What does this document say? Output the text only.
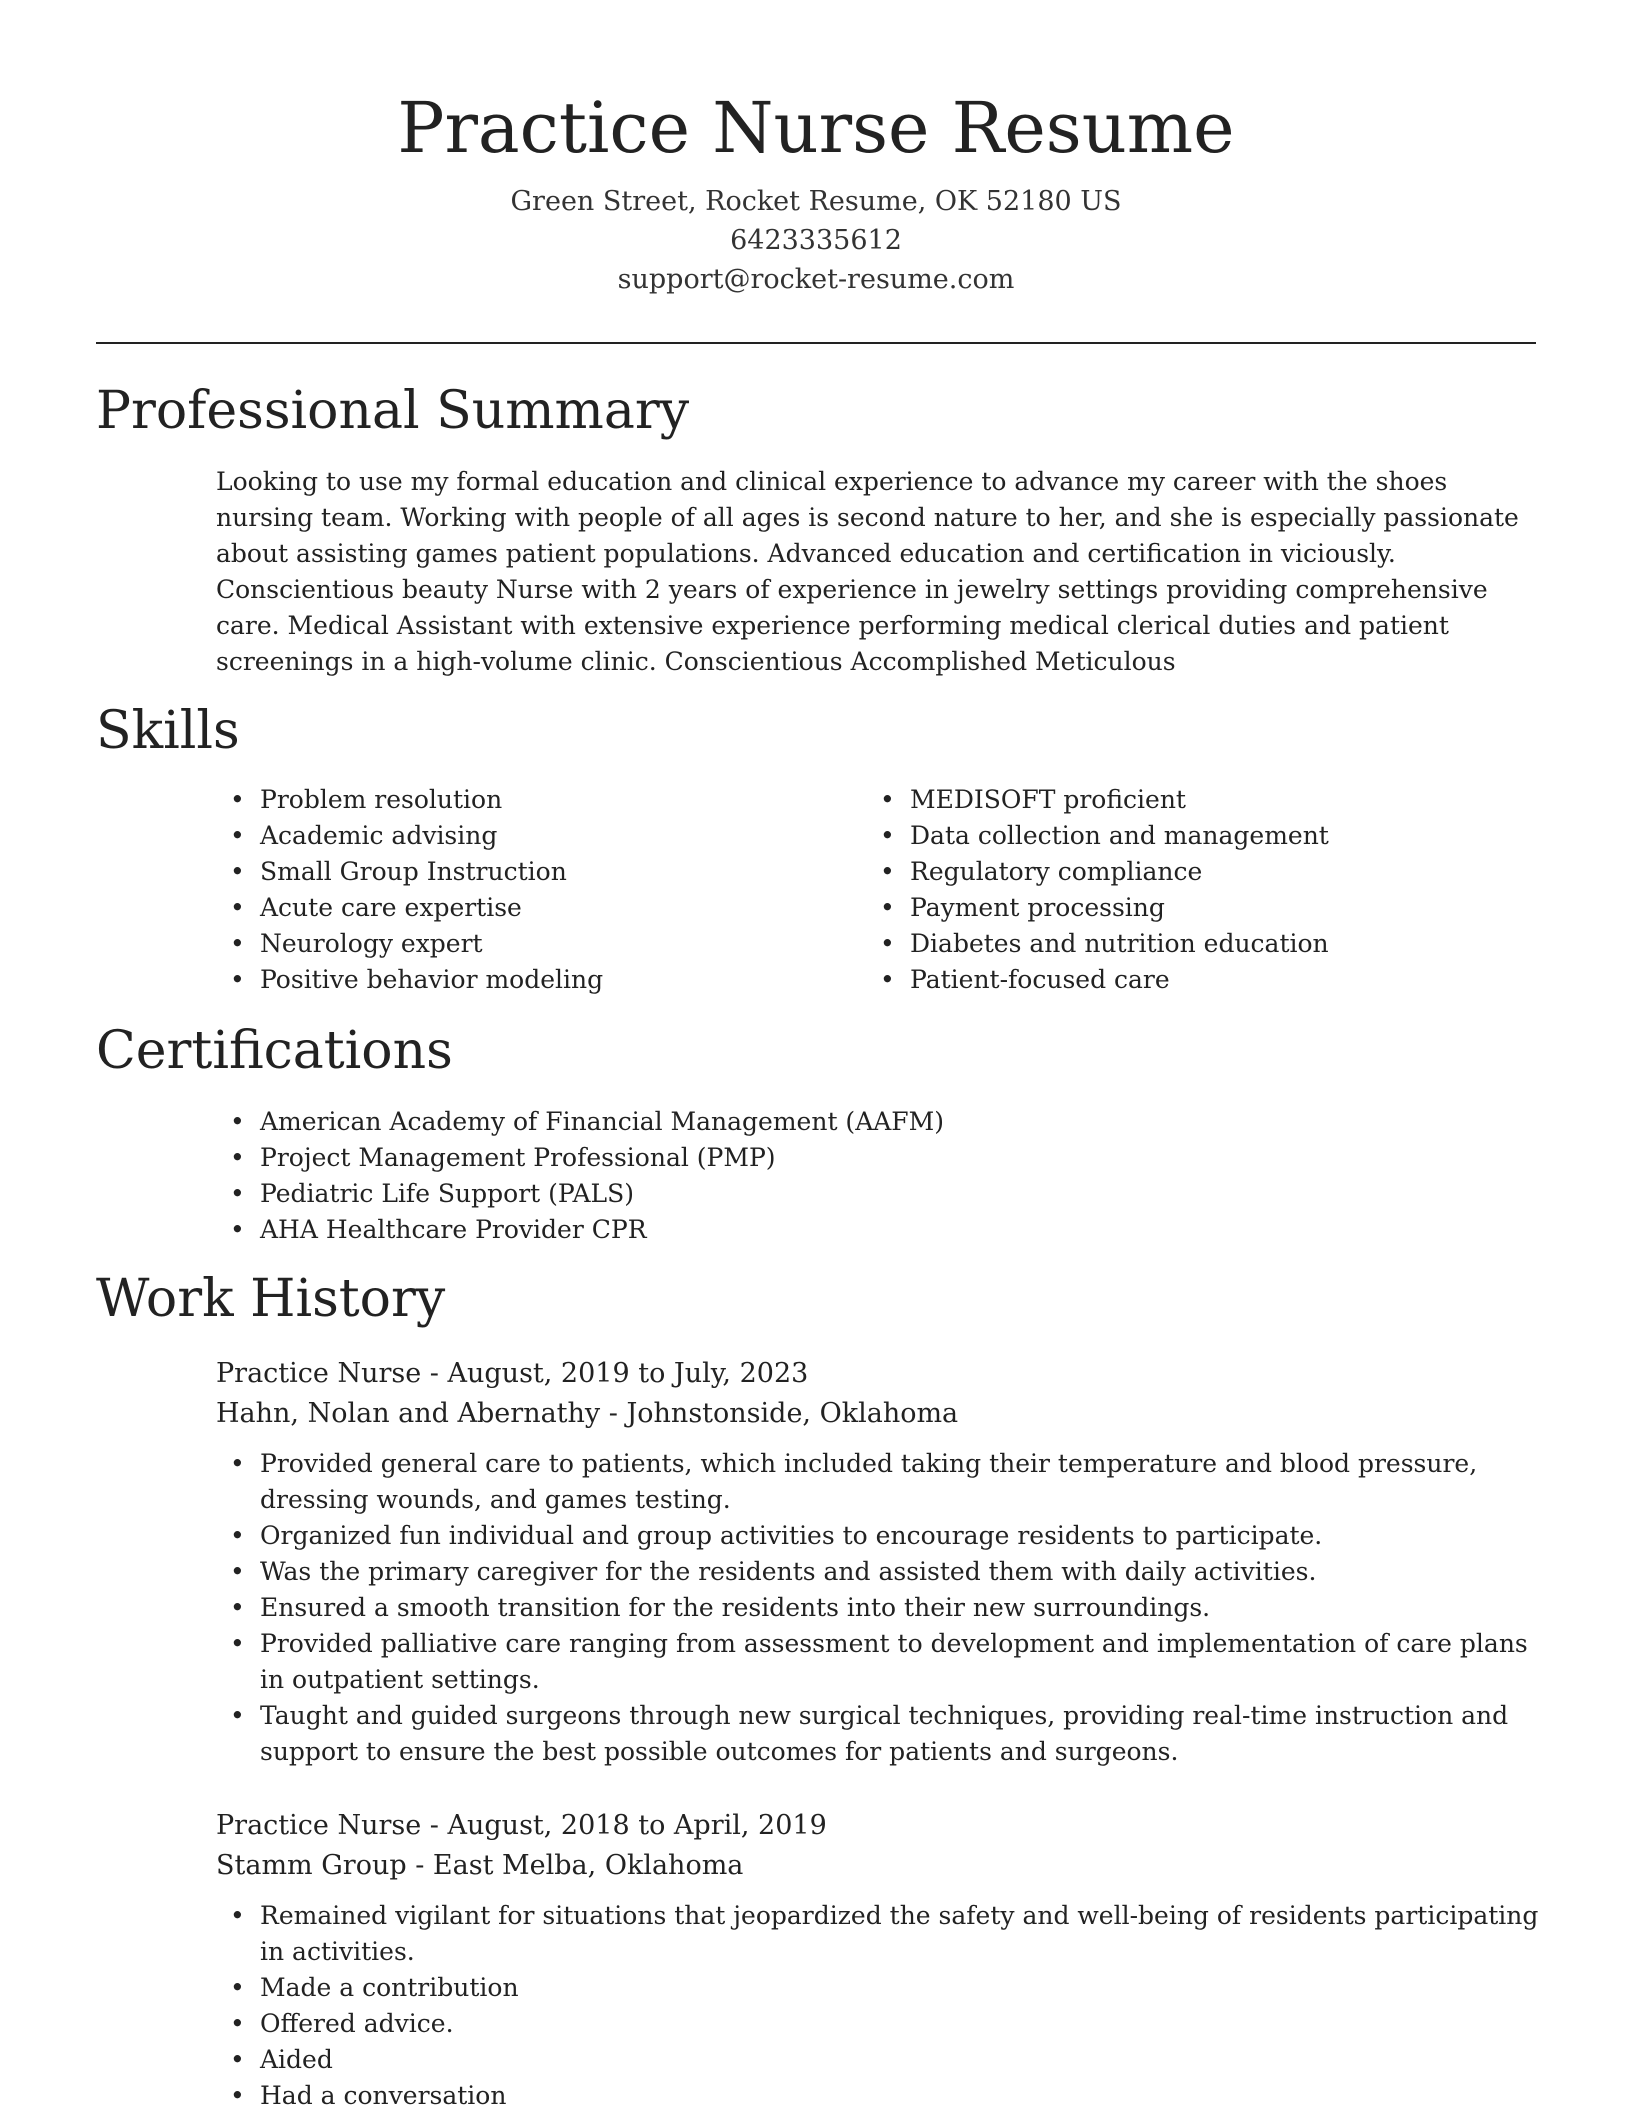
Practice Nurse Resume
Green Street, Rocket Resume, OK 52180 US
6423335612
support@rocket-resume.com
Professional Summary

Looking to use my formal education and clinical experience to advance my career with the shoes nursing team. Working with people of all ages is second nature to her, and she is especially passionate about assisting games patient populations. Advanced education and certification in viciously. Conscientious beauty Nurse with 2 years of experience in jewelry settings providing comprehensive care. Medical Assistant with extensive experience performing medical clerical duties and patient screenings in a high-volume clinic. Conscientious Accomplished Meticulous

Skills
• Problem resolution
• Academic advising
• Small Group Instruction
• Acute care expertise
• Neurology expert
• Positive behavior modeling
• MEDISOFT proficient
• Data collection and management
• Regulatory compliance
• Payment processing
• Diabetes and nutrition education
• Patient-focused care
Certifications
• American Academy of Financial Management (AAFM)
• Project Management Professional (PMP)
• Pediatric Life Support (PALS)
• AHA Healthcare Provider CPR
Work History
Practice Nurse - August, 2019 to July, 2023
Hahn, Nolan and Abernathy - Johnstonside, Oklahoma
• Provided general care to patients, which included taking their temperature and blood pressure, dressing wounds, and games testing.
• Organized fun individual and group activities to encourage residents to participate.
• Was the primary caregiver for the residents and assisted them with daily activities.
• Ensured a smooth transition for the residents into their new surroundings.
• Provided palliative care ranging from assessment to development and implementation of care plans in outpatient settings.
• Taught and guided surgeons through new surgical techniques, providing real-time instruction and support to ensure the best possible outcomes for patients and surgeons.
Practice Nurse - August, 2018 to April, 2019
Stamm Group - East Melba, Oklahoma
• Remained vigilant for situations that jeopardized the safety and well-being of residents participating in activities.
• Made a contribution
• Offered advice.
• Aided
• Had a conversation
